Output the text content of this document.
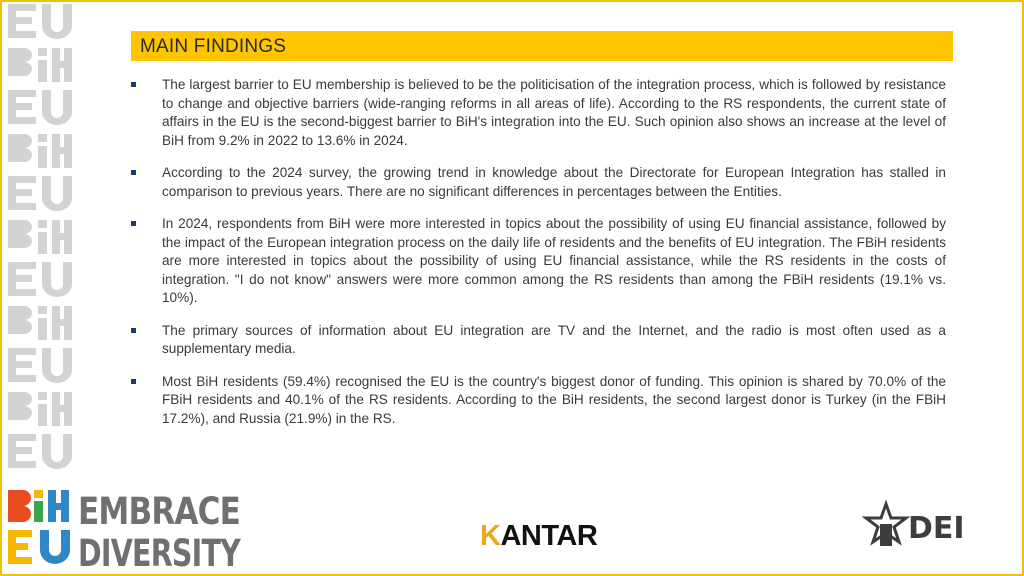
MAIN FINDINGS
The largest barrier to EU membership is believed to be the politicisation of the integration process, which is followed by resistance to change and objective barriers (wide-ranging reforms in all areas of life). According to the RS respondents, the current state of affairs in the EU is the second-biggest barrier to BiH's integration into the EU. Such opinion also shows an increase at the level of BiH from 9.2% in 2022 to 13.6% in 2024.
According to the 2024 survey, the growing trend in knowledge about the Directorate for European Integration has stalled in comparison to previous years. There are no significant differences in percentages between the Entities.
In 2024, respondents from BiH were more interested in topics about the possibility of using EU financial assistance, followed by the impact of the European integration process on the daily life of residents and the benefits of EU integration. The FBiH residents are more interested in topics about the possibility of using EU financial assistance, while the RS residents in the costs of integration. "I do not know" answers were more common among the RS residents than among the FBiH residents (19.1% vs. 10%).
The primary sources of information about EU integration are TV and the Internet, and the radio is most often used as a supplementary media.
Most BiH residents (59.4%) recognised the EU is the country's biggest donor of funding. This opinion is shared by 70.0% of the FBiH residents and 40.1% of the RS residents. According to the BiH residents, the second largest donor is Turkey (in the FBiH 17.2%), and Russia (21.9%) in the RS.
EMBRACE
DIVERSITY	KANTAR	DEI
